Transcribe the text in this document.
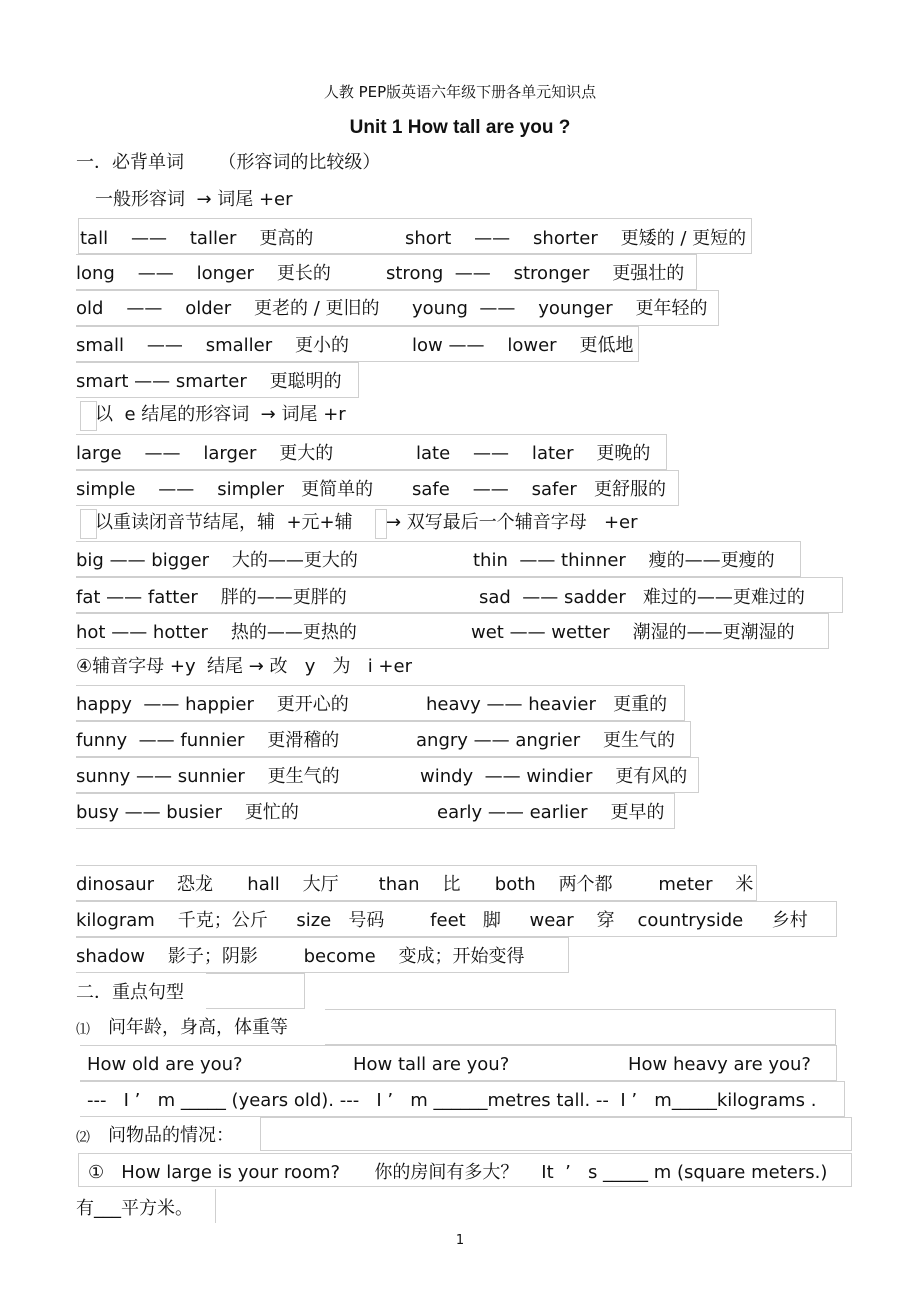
人教 PEP版英语六年级下册各单元知识点
Unit 1 How tall are you ?
一．必背单词      （形容词的比较级）
一般形容词  → 词尾 +er
tall    ——    taller    更高的	short    ——    shorter    更矮的 / 更短的
long    ——    longer    更长的	strong  ——    stronger    更强壮的
old    ——    older    更老的 / 更旧的 young  ——    younger    更年轻的
small    ——    smaller    更小的	low ——    lower    更低地
smart —— smarter    更聪明的
以  e 结尾的形容词  → 词尾 +r
large    ——    larger    更大的	late    ——    later    更晚的
simple    ——    simpler   更简单的 safe    ——    safer   更舒服的
以重读闭音节结尾，辅  +元+辅 → 双写最后一个辅音字母   +er
big —— bigger    大的——更大的	thin  —— thinner    瘦的——更瘦的
fat —— fatter    胖的——更胖的	sad  —— sadder   难过的——更难过的
hot —— hotter    热的——更热的	wet —— wetter    潮湿的——更潮湿的
④辅音字母 +y  结尾 → 改   y   为   i +er
happy  —— happier    更开心的	heavy —— heavier   更重的
funny  —— funnier    更滑稽的	angry —— angrier    更生气的
sunny —— sunnier    更生气的	windy  —— windier    更有风的
busy —— busier    更忙的	early —— earlier    更早的
dinosaur    恐龙      hall    大厅       than    比      both    两个都        meter    米
kilogram    千克；公斤     size   号码        feet   脚     wear    穿    countryside     乡村
shadow    影子；阴影        become    变成；开始变得
二．重点句型
⑴ 问年龄，身高，体重等
How old are you?	How tall are you?	How heavy are you?
---   I ’   m _____ (years old). ---   I ’   m ______metres tall. --  I ’   m_____kilograms .
⑵ 问物品的情况：
①   How large is your room?      你的房间有多大？    It  ’   s _____ m (square meters.)
有___平方米。
1
